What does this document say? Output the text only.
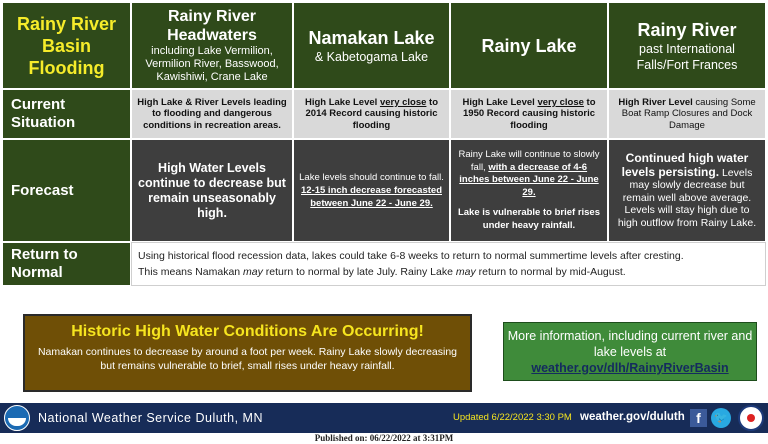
Rainy River Basin Flooding
Rainy River Headwaters
including Lake Vermilion, Vermilion River, Basswood, Kawishiwi, Crane Lake
Namakan Lake
& Kabetogama Lake
Rainy Lake
Rainy River
past International Falls/Fort Frances
Current Situation
High Lake & River Levels leading to flooding and dangerous conditions in recreation areas.
High Lake Level very close to 2014 Record causing historic flooding
High Lake Level very close to 1950 Record causing historic flooding
High River Level causing Some Boat Ramp Closures and Dock Damage
Forecast
High Water Levels continue to decrease but remain unseasonably high.
Lake levels should continue to fall. 12-15 inch decrease forecasted between June 22 - June 29.
Rainy Lake will continue to slowly fall, with a decrease of 4-6 inches between June 22 - June 29.
Lake is vulnerable to brief rises under heavy rainfall.
Continued high water levels persisting. Levels may slowly decrease but remain well above average. Levels will stay high due to high outflow from Rainy Lake.
Return to Normal
Using historical flood recession data, lakes could take 6-8 weeks to return to normal summertime levels after cresting.
This means Namakan may return to normal by late July. Rainy Lake may return to normal by mid-August.
Historic High Water Conditions Are Occurring!
Namakan continues to decrease by around a foot per week. Rainy Lake slowly decreasing but remains vulnerable to brief, small rises under heavy rainfall.
More information, including current river and lake levels at
weather.gov/dlh/RainyRiverBasin
National Weather Service Duluth, MN	Updated 6/22/2022 3:30 PM weather.gov/duluth f	🐦
Published on: 06/22/2022 at 3:31PM
